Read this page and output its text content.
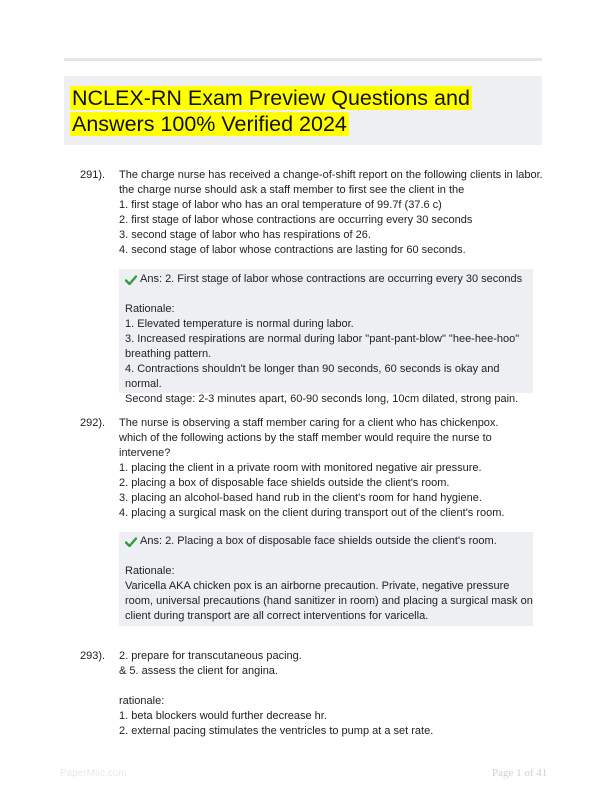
NCLEX-RN Exam Preview Questions and Answers 100% Verified 2024
291). The charge nurse has received a change-of-shift report on the following clients in labor.
the charge nurse should ask a staff member to first see the client in the
1. first stage of labor who has an oral temperature of 99.7f (37.6 c)
2. first stage of labor whose contractions are occurring every 30 seconds
3. second stage of labor who has respirations of 26.
4. second stage of labor whose contractions are lasting for 60 seconds.
Ans: 2. First stage of labor whose contractions are occurring every 30 seconds
Rationale:
1. Elevated temperature is normal during labor.
3. Increased respirations are normal during labor "pant-pant-blow" "hee-hee-hoo" breathing pattern.
4. Contractions shouldn't be longer than 90 seconds, 60 seconds is okay and normal.
Second stage: 2-3 minutes apart, 60-90 seconds long, 10cm dilated, strong pain.
292). The nurse is observing a staff member caring for a client who has chickenpox.
which of the following actions by the staff member would require the nurse to intervene?
1. placing the client in a private room with monitored negative air pressure.
2. placing a box of disposable face shields outside the client's room.
3. placing an alcohol-based hand rub in the client's room for hand hygiene.
4. placing a surgical mask on the client during transport out of the client's room.
Ans: 2. Placing a box of disposable face shields outside the client's room.
Rationale:
Varicella AKA chicken pox is an airborne precaution. Private, negative pressure room, universal precautions (hand sanitizer in room) and placing a surgical mask on client during transport are all correct interventions for varicella.
293). 2. prepare for transcutaneous pacing.
& 5. assess the client for angina.
rationale:
1. beta blockers would further decrease hr.
2. external pacing stimulates the ventricles to pump at a set rate.
PaperMtic.com	Page 1 of 41
